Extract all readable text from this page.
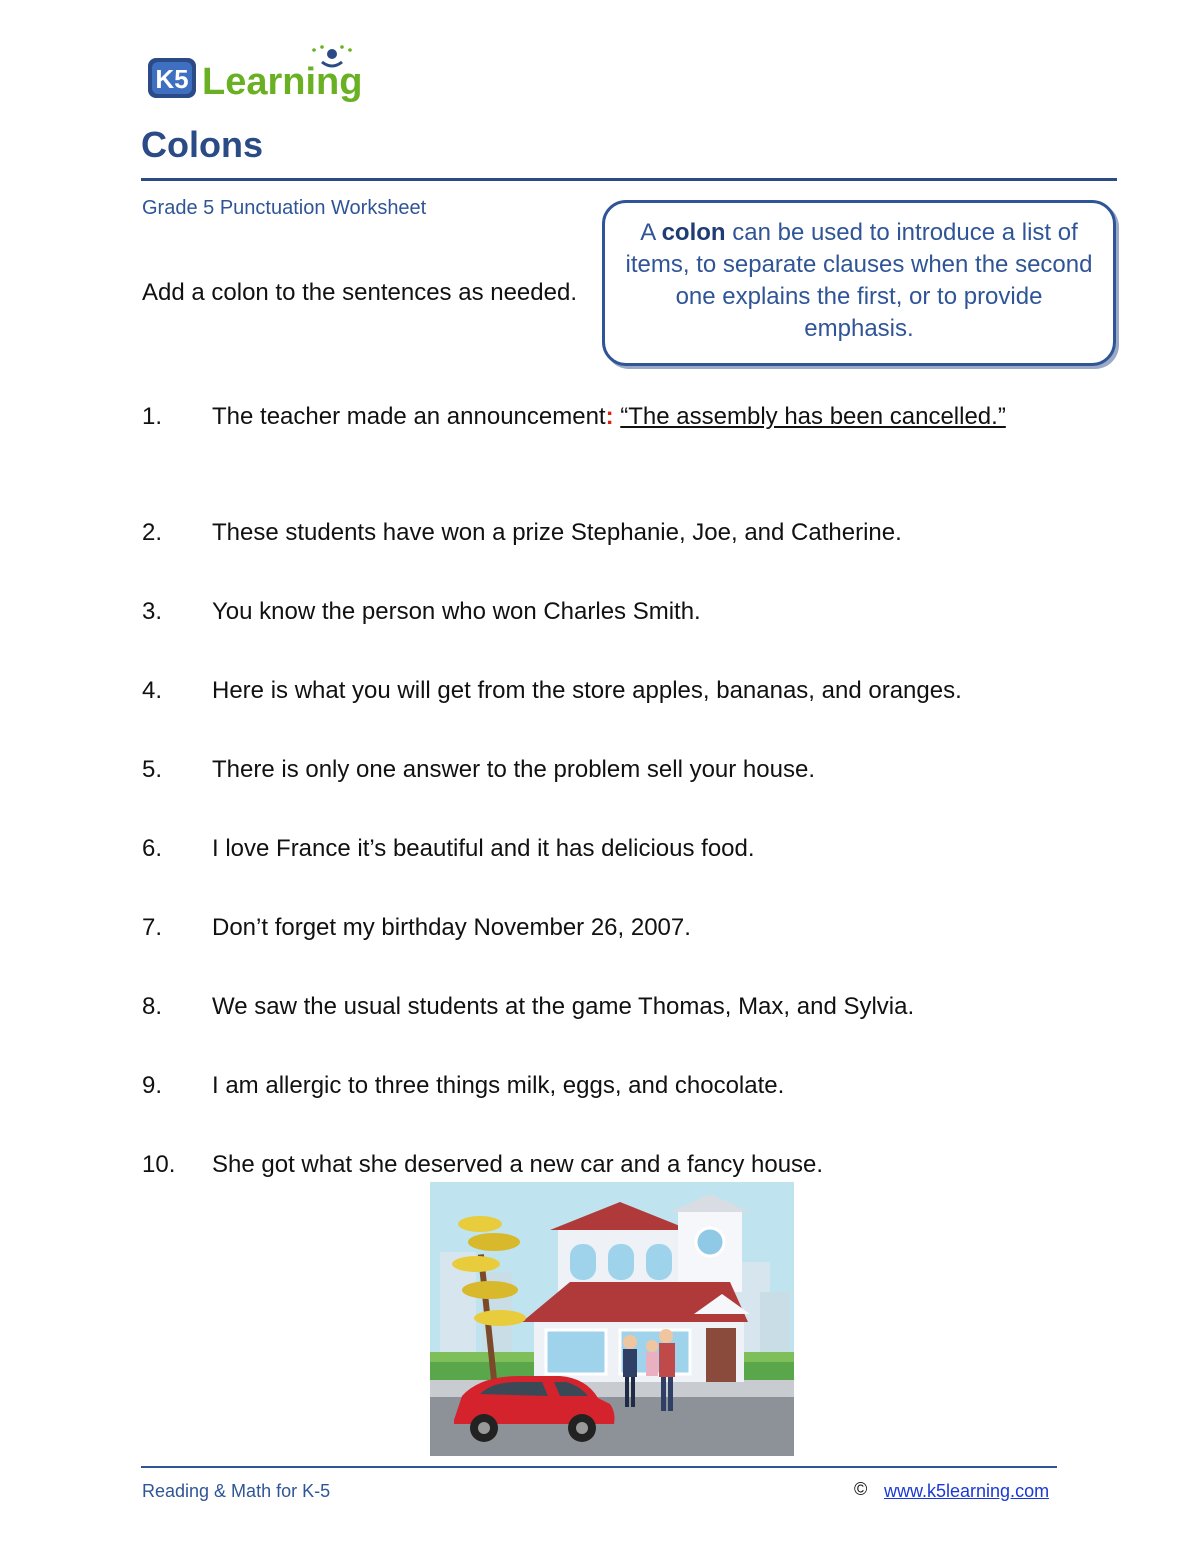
K5 Learning
Colons
Grade 5 Punctuation Worksheet
Add a colon to the sentences as needed.
A colon can be used to introduce a list of items, to separate clauses when the second one explains the first, or to provide emphasis.
1. The teacher made an announcement: “The assembly has been cancelled.”
2. These students have won a prize Stephanie, Joe, and Catherine.
3. You know the person who won Charles Smith.
4. Here is what you will get from the store apples, bananas, and oranges.
5. There is only one answer to the problem sell your house.
6. I love France it’s beautiful and it has delicious food.
7. Don’t forget my birthday November 26, 2007.
8. We saw the usual students at the game Thomas, Max, and Sylvia.
9. I am allergic to three things milk, eggs, and chocolate.
10. She got what she deserved a new car and a fancy house.
Reading & Math for K-5	© www.k5learning.com
